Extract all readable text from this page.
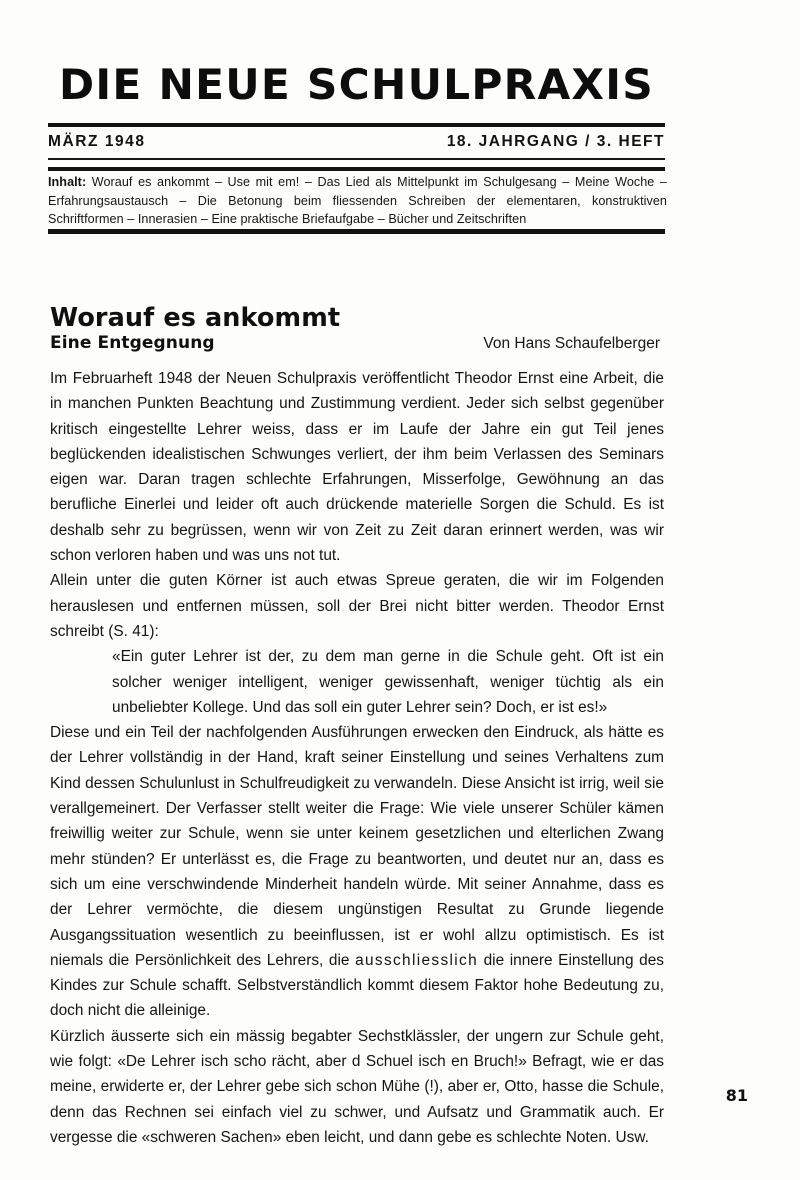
DIE NEUE SCHULPRAXIS
MÄRZ 1948	18. JAHRGANG / 3. HEFT
Inhalt: Worauf es ankommt – Use mit em! – Das Lied als Mittelpunkt im Schulgesang – Meine Woche – Erfahrungsaustausch – Die Betonung beim fliessenden Schreiben der elementaren, konstruktiven Schriftformen – Innerasien – Eine praktische Briefaufgabe – Bücher und Zeitschriften
Worauf es ankommt
Eine Entgegnung	Von Hans Schaufelberger

Im Februarheft 1948 der Neuen Schulpraxis veröffentlicht Theodor Ernst eine Arbeit, die in manchen Punkten Beachtung und Zustimmung verdient. Jeder sich selbst gegenüber kritisch eingestellte Lehrer weiss, dass er im Laufe der Jahre ein gut Teil jenes beglückenden idealistischen Schwunges verliert, der ihm beim Verlassen des Seminars eigen war. Daran tragen schlechte Erfahrungen, Misserfolge, Gewöhnung an das berufliche Einerlei und leider oft auch drückende materielle Sorgen die Schuld. Es ist deshalb sehr zu begrüssen, wenn wir von Zeit zu Zeit daran erinnert werden, was wir schon verloren haben und was uns not tut.

Allein unter die guten Körner ist auch etwas Spreue geraten, die wir im Folgenden herauslesen und entfernen müssen, soll der Brei nicht bitter werden. Theodor Ernst schreibt (S. 41):

«Ein guter Lehrer ist der, zu dem man gerne in die Schule geht. Oft ist ein solcher weniger intelligent, weniger gewissenhaft, weniger tüchtig als ein unbeliebter Kollege. Und das soll ein guter Lehrer sein? Doch, er ist es!»

Diese und ein Teil der nachfolgenden Ausführungen erwecken den Eindruck, als hätte es der Lehrer vollständig in der Hand, kraft seiner Einstellung und seines Verhaltens zum Kind dessen Schulunlust in Schulfreudigkeit zu verwandeln. Diese Ansicht ist irrig, weil sie verallgemeinert. Der Verfasser stellt weiter die Frage: Wie viele unserer Schüler kämen freiwillig weiter zur Schule, wenn sie unter keinem gesetzlichen und elterlichen Zwang mehr stünden? Er unterlässt es, die Frage zu beantworten, und deutet nur an, dass es sich um eine verschwindende Minderheit handeln würde. Mit seiner Annahme, dass es der Lehrer vermöchte, die diesem ungünstigen Resultat zu Grunde liegende Ausgangssituation wesentlich zu beeinflussen, ist er wohl allzu optimistisch. Es ist niemals die Persönlichkeit des Lehrers, die ausschliesslich die innere Einstellung des Kindes zur Schule schafft. Selbstverständlich kommt diesem Faktor hohe Bedeutung zu, doch nicht die alleinige.

Kürzlich äusserte sich ein mässig begabter Sechstklässler, der ungern zur Schule geht, wie folgt: «De Lehrer isch scho rächt, aber d Schuel isch en Bruch!» Befragt, wie er das meine, erwiderte er, der Lehrer gebe sich schon Mühe (!), aber er, Otto, hasse die Schule, denn das Rechnen sei einfach viel zu schwer, und Aufsatz und Grammatik auch. Er vergesse die «schweren Sachen» eben leicht, und dann gebe es schlechte Noten. Usw.

81
